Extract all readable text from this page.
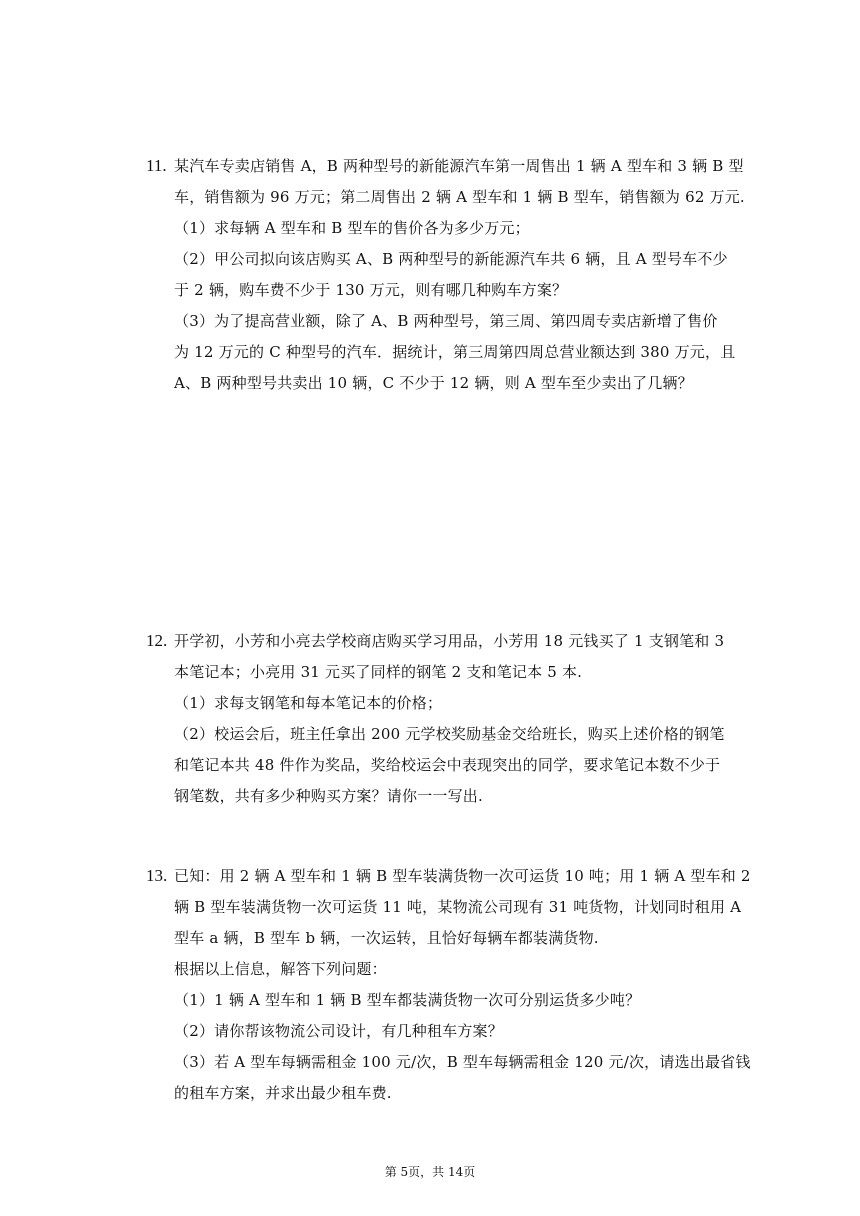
11. 某汽车专卖店销售 A，B 两种型号的新能源汽车第一周售出 1 辆 A 型车和 3 辆 B 型
车，销售额为 96 万元；第二周售出 2 辆 A 型车和 1 辆 B 型车，销售额为 62 万元.
（1）求每辆 A 型车和 B 型车的售价各为多少万元；
（2）甲公司拟向该店购买 A、B 两种型号的新能源汽车共 6 辆，且 A 型号车不少
于 2 辆，购车费不少于 130 万元，则有哪几种购车方案？
（3）为了提高营业额，除了 A、B 两种型号，第三周、第四周专卖店新增了售价
为 12 万元的 C 种型号的汽车．据统计，第三周第四周总营业额达到 380 万元，且
A、B 两种型号共卖出 10 辆，C 不少于 12 辆，则 A 型车至少卖出了几辆？
12. 开学初，小芳和小亮去学校商店购买学习用品，小芳用 18 元钱买了 1 支钢笔和 3
本笔记本；小亮用 31 元买了同样的钢笔 2 支和笔记本 5 本.
（1）求每支钢笔和每本笔记本的价格；
（2）校运会后，班主任拿出 200 元学校奖励基金交给班长，购买上述价格的钢笔
和笔记本共 48 件作为奖品，奖给校运会中表现突出的同学，要求笔记本数不少于
钢笔数，共有多少种购买方案？请你一一写出.
13. 已知：用 2 辆 A 型车和 1 辆 B 型车装满货物一次可运货 10 吨；用 1 辆 A 型车和 2
辆 B 型车装满货物一次可运货 11 吨，某物流公司现有 31 吨货物，计划同时租用 A
型车 a 辆，B 型车 b 辆，一次运转，且恰好每辆车都装满货物.
根据以上信息，解答下列问题：
（1）1 辆 A 型车和 1 辆 B 型车都装满货物一次可分别运货多少吨？
（2）请你帮该物流公司设计，有几种租车方案？
（3）若 A 型车每辆需租金 100 元/次，B 型车每辆需租金 120 元/次，请选出最省钱
的租车方案，并求出最少租车费.
第 5页，共 14页
